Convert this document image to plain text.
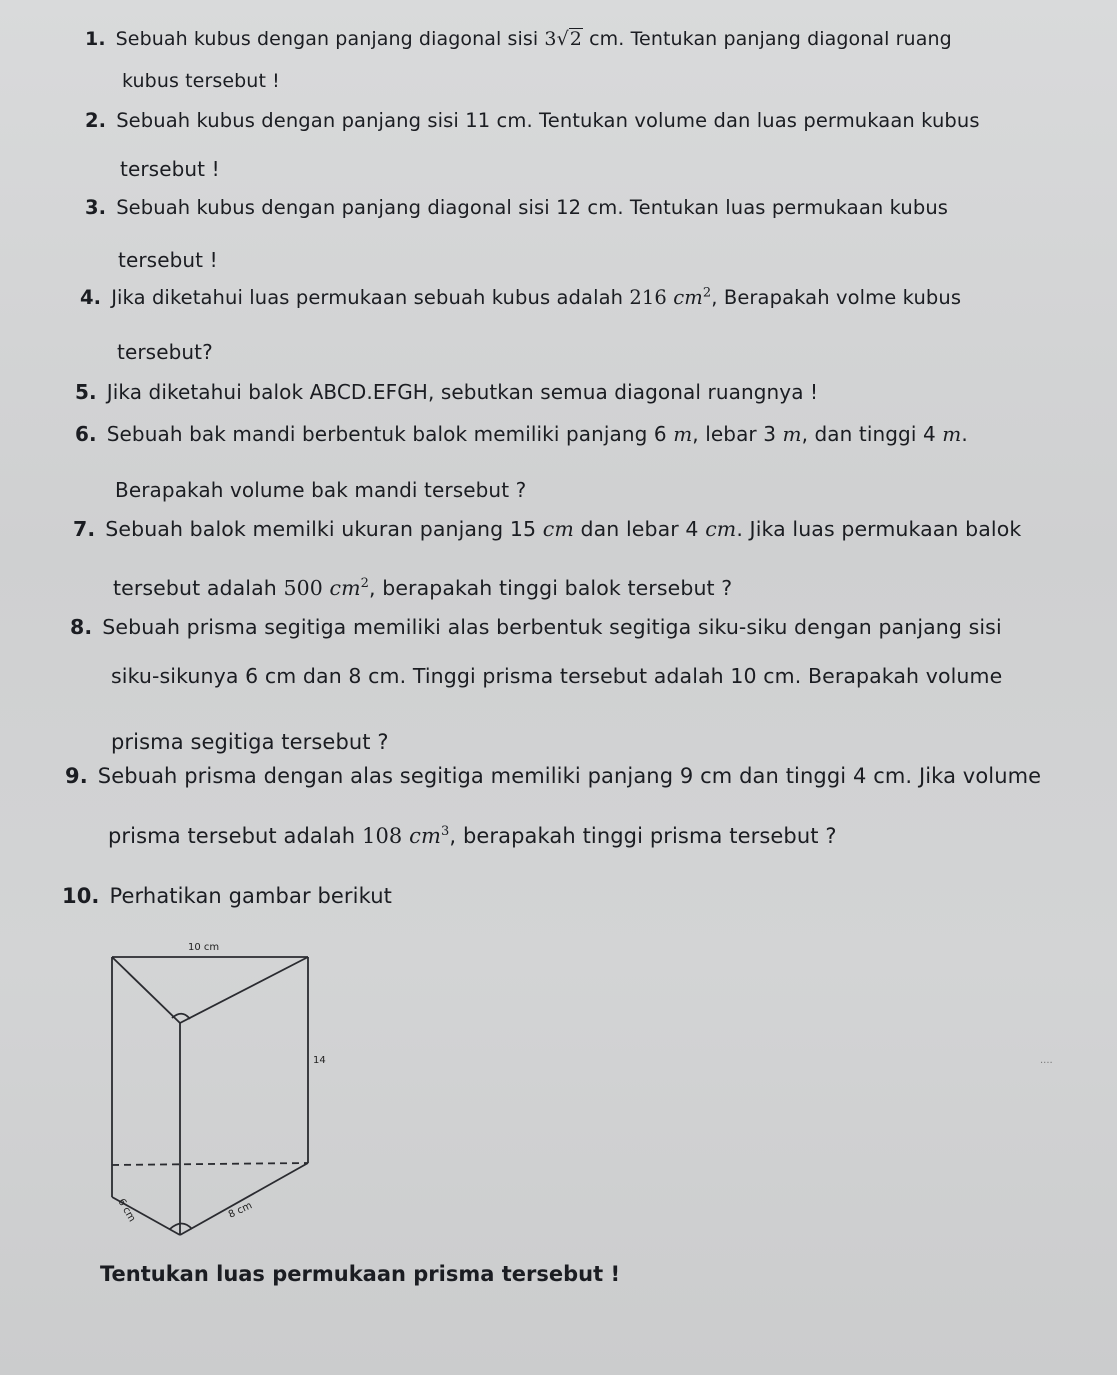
1. Sebuah kubus dengan panjang diagonal sisi 3√2 cm. Tentukan panjang diagonal ruang
kubus tersebut !
2. Sebuah kubus dengan panjang sisi 11 cm. Tentukan volume dan luas permukaan kubus
tersebut !
3. Sebuah kubus dengan panjang diagonal sisi 12 cm. Tentukan luas permukaan kubus
tersebut !
4. Jika diketahui luas permukaan sebuah kubus adalah 216 $cm^2$, Berapakah volme kubus
tersebut?
5. Jika diketahui balok ABCD.EFGH, sebutkan semua diagonal ruangnya !
6. Sebuah bak mandi berbentuk balok memiliki panjang 6 m, lebar 3 m, dan tinggi 4 m.
Berapakah volume bak mandi tersebut ?
7. Sebuah balok memilki ukuran panjang 15 cm dan lebar 4 cm. Jika luas permukaan balok
tersebut adalah 500 $cm^2$, berapakah tinggi balok tersebut ?
8. Sebuah prisma segitiga memiliki alas berbentuk segitiga siku-siku dengan panjang sisi
siku-sikunya 6 cm dan 8 cm. Tinggi prisma tersebut adalah 10 cm. Berapakah volume
prisma segitiga tersebut ?
9. Sebuah prisma dengan alas segitiga memiliki panjang 9 cm dan tinggi 4 cm. Jika volume
prisma tersebut adalah 108 $cm^3$, berapakah tinggi prisma tersebut ?
10. Perhatikan gambar berikut
10 cm
14
6 cm	8 cm
Tentukan luas permukaan prisma tersebut !
....
